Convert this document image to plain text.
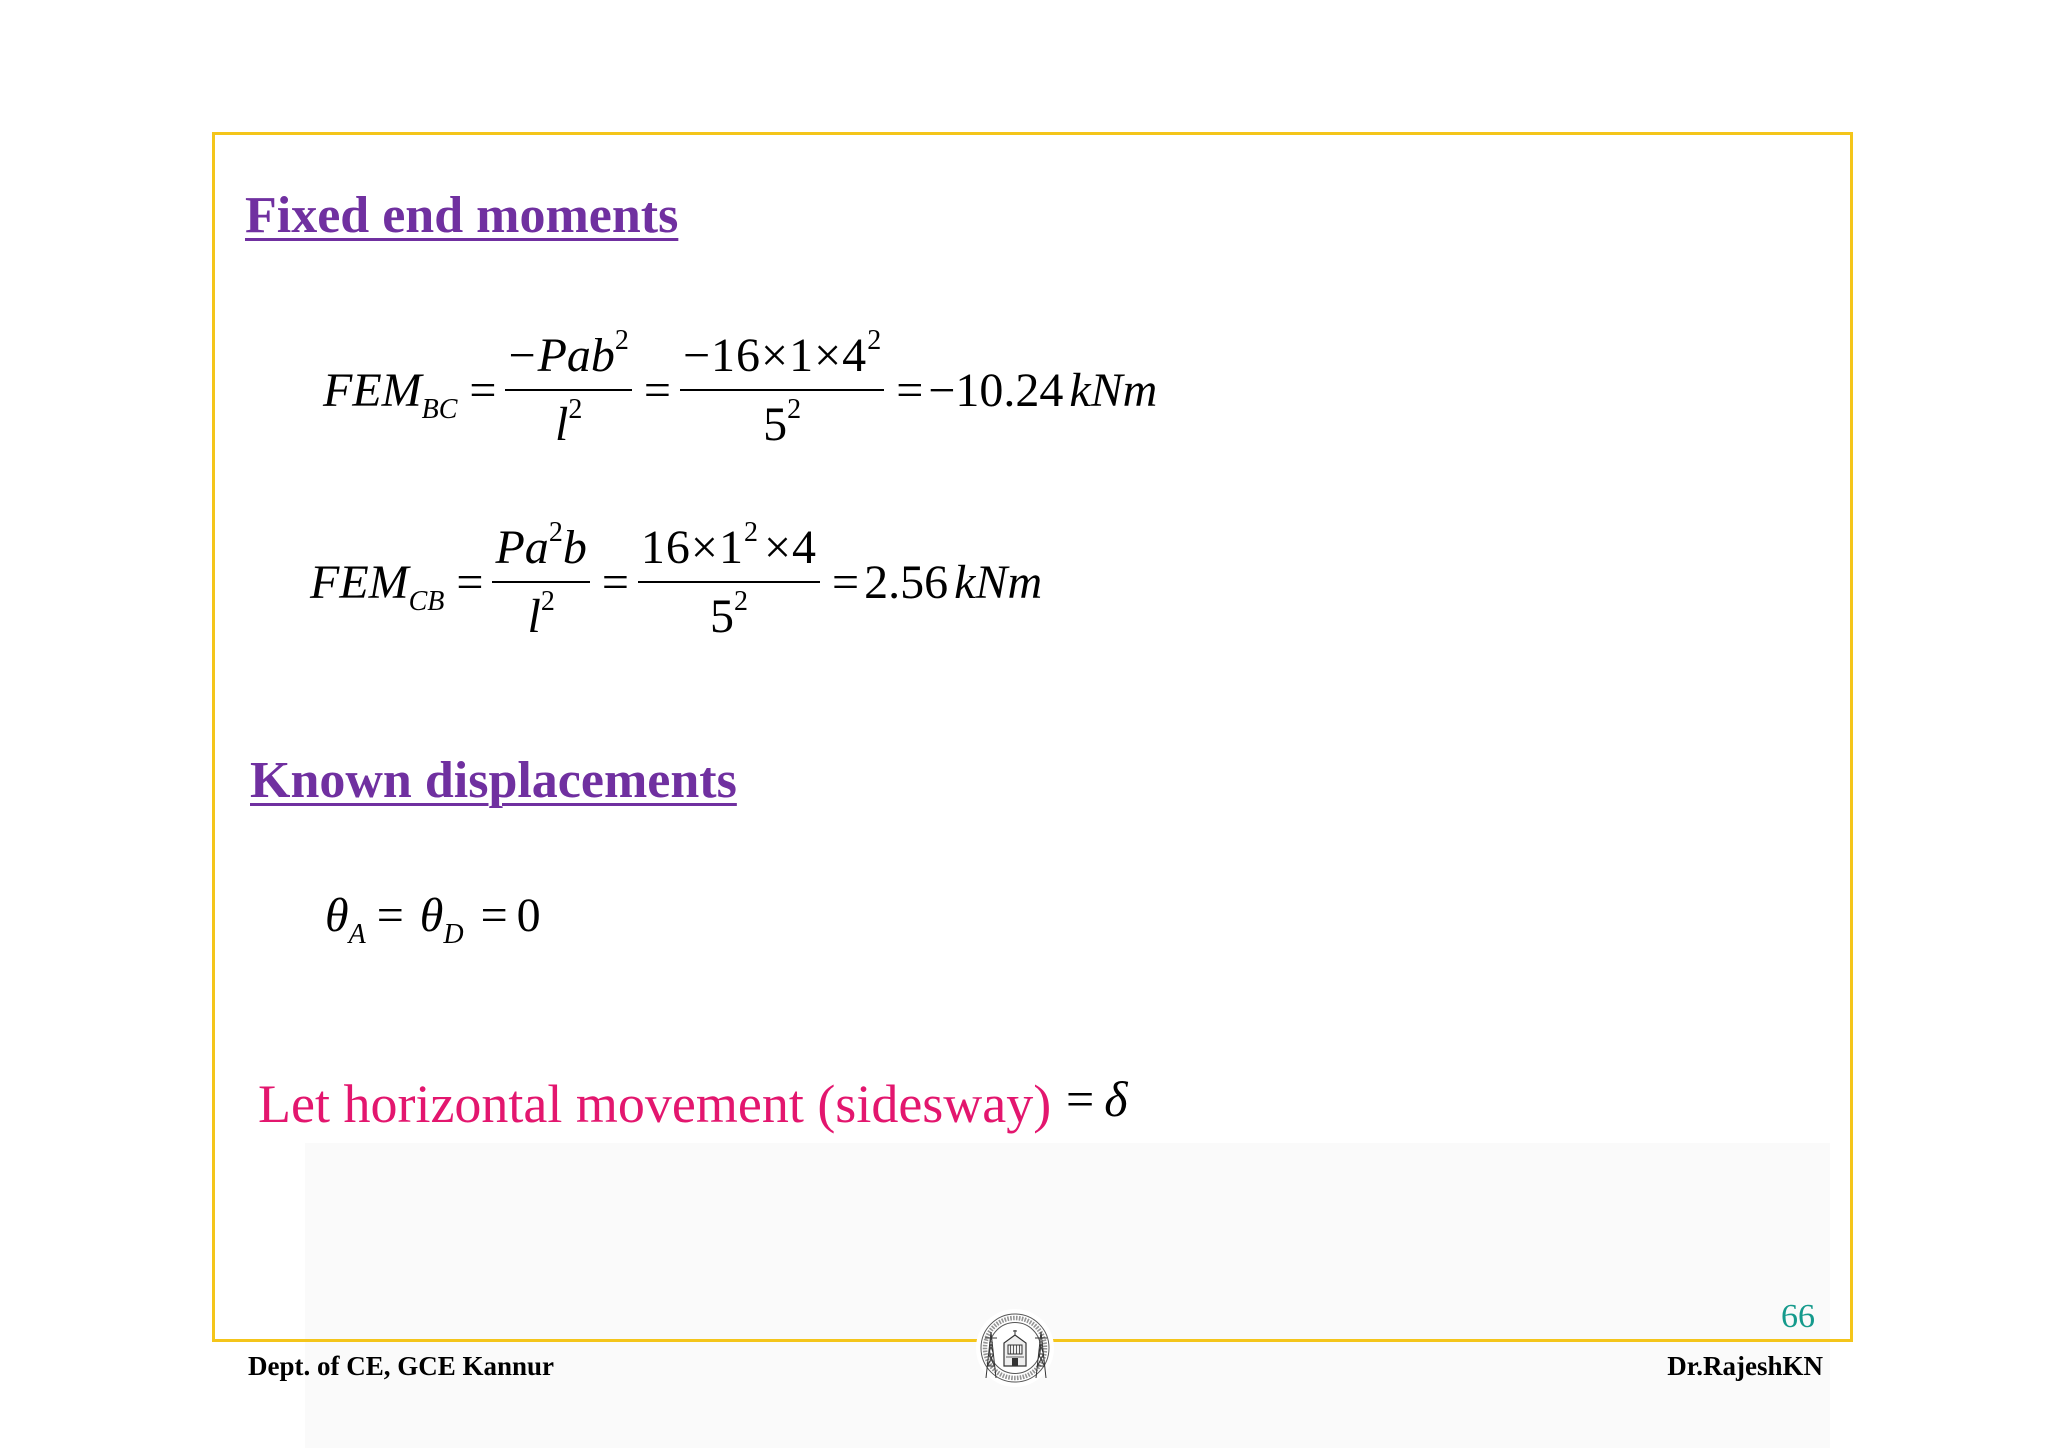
Fixed end moments
$FEM_{BC} = \frac{-Pab^2}{l^2} = \frac{-16\times 1\times 4^2}{5^2} = -10.24$ kNm
$FEM_{CB} = \frac{Pa^2b}{l^2} = \frac{16\times 1^2 \times 4}{5^2} = 2.56$ kNm
Known displacements
$\theta_A = \theta_D = 0$
Let horizontal movement (sidesway) = δ
66
Dept. of CE, GCE Kannur	Dr.RajeshKN
